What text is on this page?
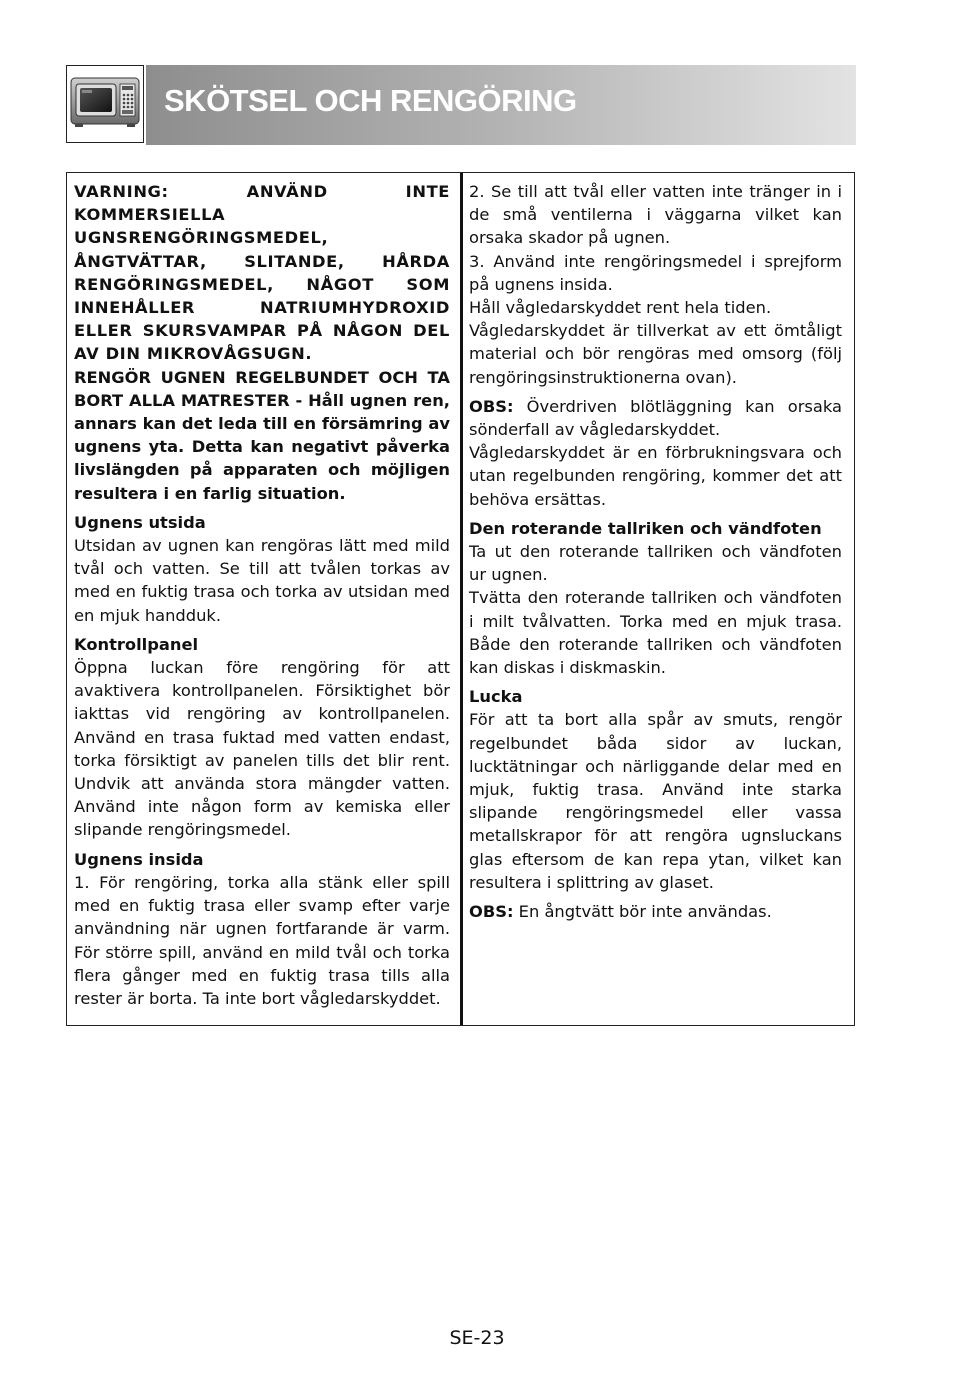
SKÖTSEL OCH RENGÖRING

VARNING: ANVÄND INTE KOMMERSIELLA UGNSRENGÖRINGSMEDEL, ÅNGTVÄTTAR, SLITANDE, HÅRDA RENGÖRINGSMEDEL, NÅGOT SOM INNEHÅLLER NATRIUMHYDROXID ELLER SKURSVAMPAR PÅ NÅGON DEL AV DIN MIKROVÅGSUGN.

RENGÖR UGNEN REGELBUNDET OCH TA BORT ALLA MATRESTER - Håll ugnen ren, annars kan det leda till en försämring av ugnens yta. Detta kan negativt påverka livslängden på apparaten och möjligen resultera i en farlig situation.

Ugnens utsida

Utsidan av ugnen kan rengöras lätt med mild tvål och vatten. Se till att tvålen torkas av med en fuktig trasa och torka av utsidan med en mjuk handduk.

Kontrollpanel

Öppna luckan före rengöring för att avaktivera kontrollpanelen. Försiktighet bör iakttas vid rengöring av kontrollpanelen. Använd en trasa fuktad med vatten endast, torka försiktigt av panelen tills det blir rent. Undvik att använda stora mängder vatten. Använd inte någon form av kemiska eller slipande rengöringsmedel.

Ugnens insida

1. För rengöring, torka alla stänk eller spill med en fuktig trasa eller svamp efter varje användning när ugnen fortfarande är varm. För större spill, använd en mild tvål och torka flera gånger med en fuktig trasa tills alla rester är borta. Ta inte bort vågledarskyddet.

2. Se till att tvål eller vatten inte tränger in i de små ventilerna i väggarna vilket kan orsaka skador på ugnen.

3. Använd inte rengöringsmedel i sprejform på ugnens insida.

Håll vågledarskyddet rent hela tiden.

Vågledarskyddet är tillverkat av ett ömtåligt material och bör rengöras med omsorg (följ rengöringsinstruktionerna ovan).

OBS: Överdriven blötläggning kan orsaka sönderfall av vågledarskyddet.

Vågledarskyddet är en förbrukningsvara och utan regelbunden rengöring, kommer det att behöva ersättas.

Den roterande tallriken och vändfoten

Ta ut den roterande tallriken och vändfoten ur ugnen.

Tvätta den roterande tallriken och vändfoten i milt tvålvatten. Torka med en mjuk trasa. Både den roterande tallriken och vändfoten kan diskas i diskmaskin.

Lucka

För att ta bort alla spår av smuts, rengör regelbundet båda sidor av luckan, lucktätningar och närliggande delar med en mjuk, fuktig trasa. Använd inte starka slipande rengöringsmedel eller vassa metallskrapor för att rengöra ugnsluckans glas eftersom de kan repa ytan, vilket kan resultera i splittring av glaset.

OBS: En ångtvätt bör inte användas.

SE-23
